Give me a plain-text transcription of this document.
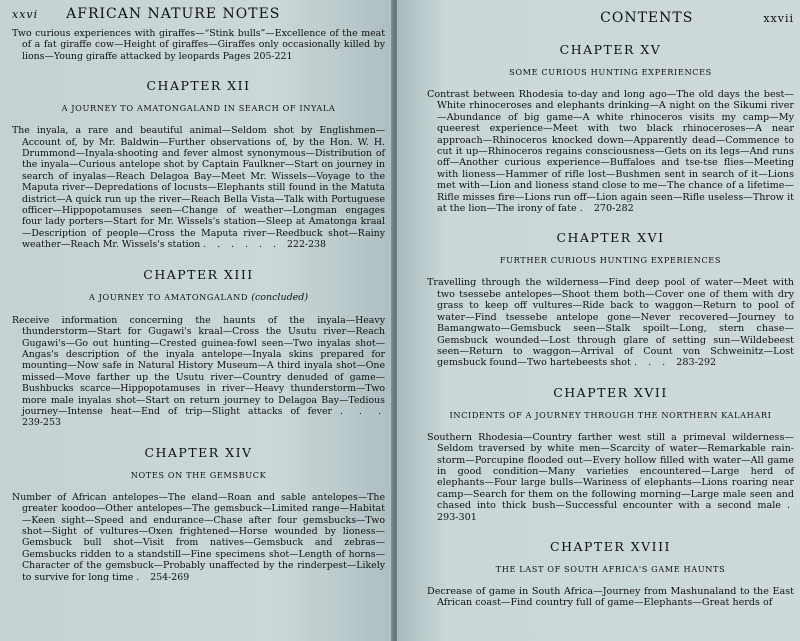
xxvi AFRICAN NATURE NOTES

Two curious experiences with giraffes—“Stink bulls”—Excellence of the meat of a fat giraffe cow—Height of giraffes—Giraffes only occasionally killed by lions—Young giraffe attacked by leopards Pages 205-221

CHAPTER XII
A JOURNEY TO AMATONGALAND IN SEARCH OF INYALA

The inyala, a rare and beautiful animal—Seldom shot by Englishmen—Account of, by Mr. Baldwin—Further observations of, by the Hon. W. H. Drummond—Inyala-shooting and fever almost synonymous—Distribution of the inyala—Curious antelope shot by Captain Faulkner—Start on journey in search of inyalas—Reach Delagoa Bay—Meet Mr. Wissels—Voyage to the Maputa river—Depredations of locusts—Elephants still found in the Matuta district—A quick run up the river—Reach Bella Vista—Talk with Portuguese officer—Hippopotamuses seen—Change of weather—Longman engages four lady porters—Start for Mr. Wissels's station—Sleep at Amatonga kraal—Description of people—Cross the Maputa river—Reedbuck shot—Rainy weather—Reach Mr. Wissels's station . . . . . . 222-238

CHAPTER XIII
A JOURNEY TO AMATONGALAND (concluded)

Receive information concerning the haunts of the inyala—Heavy thunderstorm—Start for Gugawi's kraal—Cross the Usutu river—Reach Gugawi's—Go out hunting—Crested guinea-fowl seen—Two inyalas shot—Angas's description of the inyala antelope—Inyala skins prepared for mounting—Now safe in Natural History Museum—A third inyala shot—One missed—Move farther up the Usutu river—Country denuded of game—Bushbucks scarce—Hippopotamuses in river—Heavy thunderstorm—Two more male inyalas shot—Start on return journey to Delagoa Bay—Tedious journey—Intense heat—End of trip—Slight attacks of fever . . . 239-253

CHAPTER XIV
NOTES ON THE GEMSBUCK

Number of African antelopes—The eland—Roan and sable antelopes—The greater koodoo—Other antelopes—The gemsbuck—Limited range—Habitat—Keen sight—Speed and endurance—Chase after four gemsbucks—Two shot—Sight of vultures—Oxen frightened—Horse wounded by lioness—Gemsbuck bull shot—Visit from natives—Gemsbuck and zebras—Gemsbucks ridden to a standstill—Fine specimens shot—Length of horns—Character of the gemsbuck—Probably unaffected by the rinderpest—Likely to survive for long time . 254-269

CONTENTS	xxvii
CHAPTER XV
SOME CURIOUS HUNTING EXPERIENCES

Contrast between Rhodesia to-day and long ago—The old days the best—White rhinoceroses and elephants drinking—A night on the Sikumi river—Abundance of big game—A white rhinoceros visits my camp—My queerest experience—Meet with two black rhinoceroses—A near approach—Rhinoceros knocked down—Apparently dead—Commence to cut it up—Rhinoceros regains consciousness—Gets on its legs—And runs off—Another curious experience—Buffaloes and tse-tse flies—Meeting with lioness—Hammer of rifle lost—Bushmen sent in search of it—Lions met with—Lion and lioness stand close to me—The chance of a lifetime—Rifle misses fire—Lions run off—Lion again seen—Rifle useless—Throw it at the lion—The irony of fate . 270-282

CHAPTER XVI
FURTHER CURIOUS HUNTING EXPERIENCES

Travelling through the wilderness—Find deep pool of water—Meet with two tsessebe antelopes—Shoot them both—Cover one of them with dry grass to keep off vultures—Ride back to waggon—Return to pool of water—Find tsessebe antelope gone—Never recovered—Journey to Bamangwato—Gemsbuck seen—Stalk spoilt—Long, stern chase—Gemsbuck wounded—Lost through glare of setting sun—Wildebeest seen—Return to waggon—Arrival of Count von Schweinitz—Lost gemsbuck found—Two hartebeests shot . . . 283-292

CHAPTER XVII
INCIDENTS OF A JOURNEY THROUGH THE NORTHERN KALAHARI

Southern Rhodesia—Country farther west still a primeval wilderness—Seldom traversed by white men—Scarcity of water—Remarkable rain-storm—Porcupine flooded out—Every hollow filled with water—All game in good condition—Many varieties encountered—Large herd of elephants—Four large bulls—Wariness of elephants—Lions roaring near camp—Search for them on the following morning—Large male seen and chased into thick bush—Successful encounter with a second male . 293-301

CHAPTER XVIII
THE LAST OF SOUTH AFRICA'S GAME HAUNTS

Decrease of game in South Africa—Journey from Mashunaland to the East African coast—Find country full of game—Elephants—Great herds of
